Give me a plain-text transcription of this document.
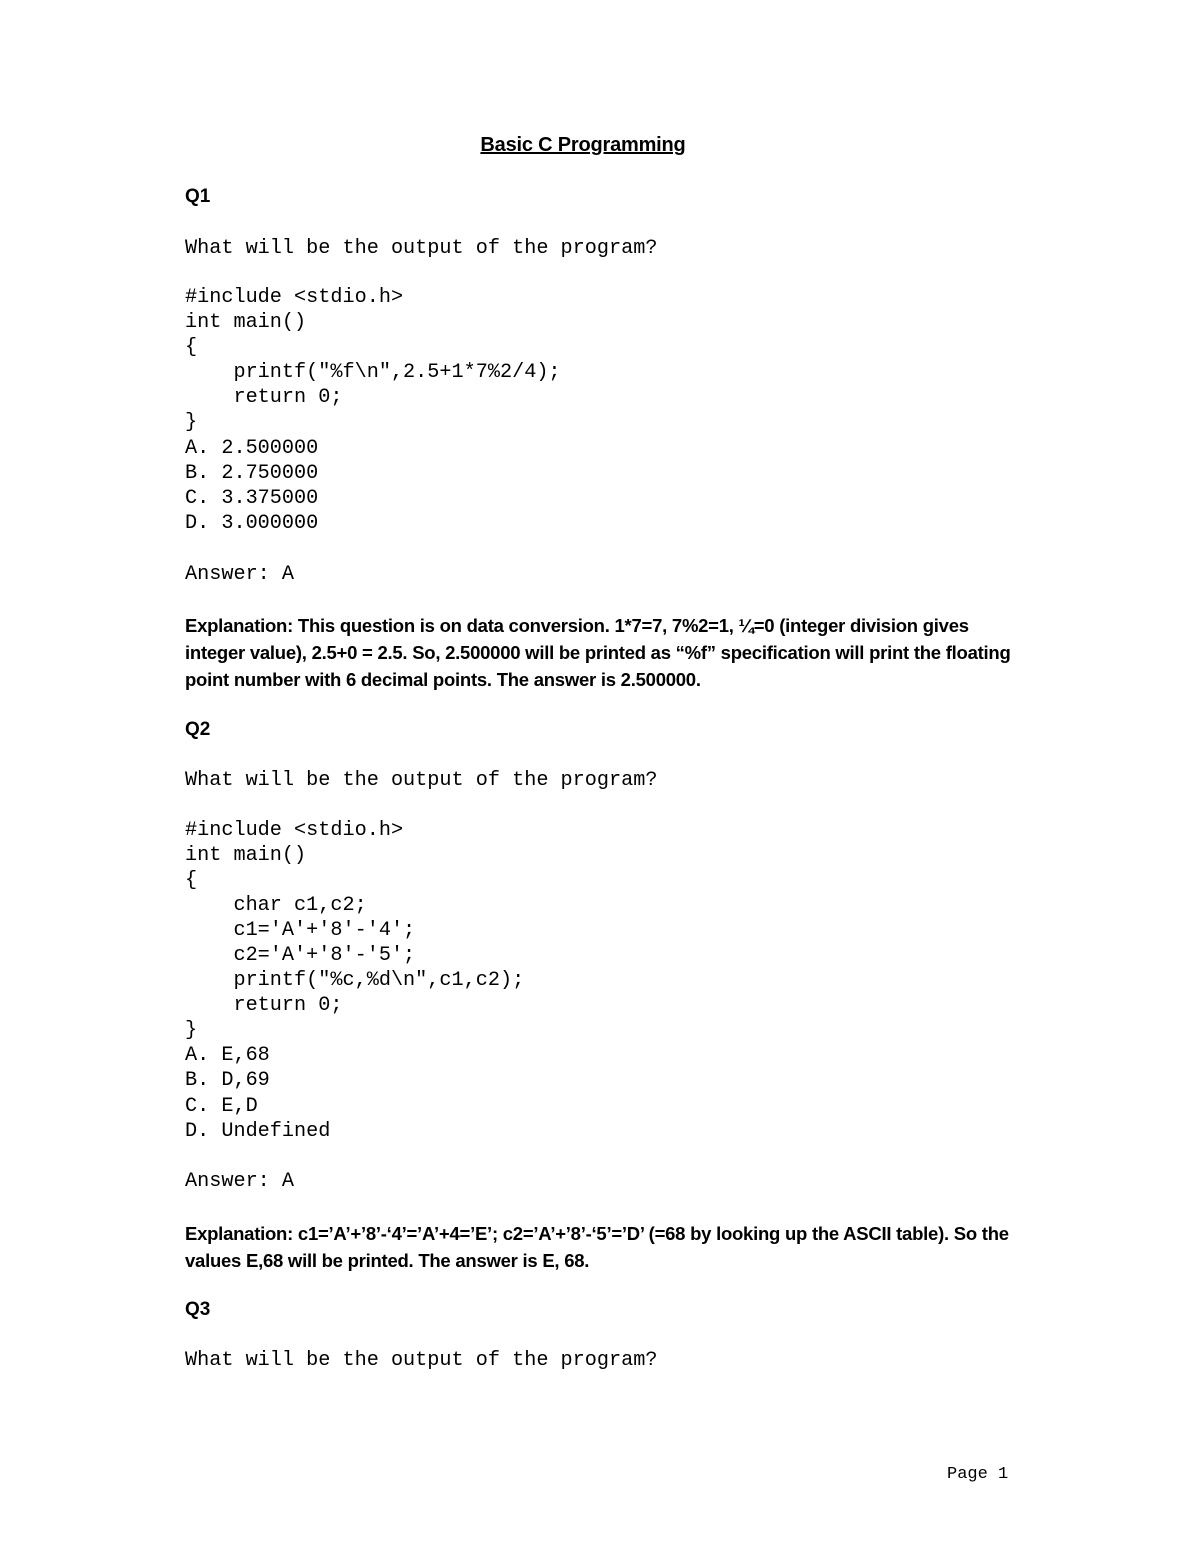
Basic C Programming
Q1
What will be the output of the program?
#include <stdio.h>
int main()
{
printf("%f\n",2.5+1*7%2/4);
return 0;
}
A. 2.500000
B. 2.750000
C. 3.375000
D. 3.000000
Answer: A
Explanation: This question is on data conversion. 1*7=7, 7%2=1, ¼=0 (integer division gives integer value), 2.5+0 = 2.5. So, 2.500000 will be printed as “%f” specification will print the floating point number with 6 decimal points. The answer is 2.500000.
Q2
What will be the output of the program?
#include <stdio.h>
int main()
{
char c1,c2;
c1='A'+'8'-'4';
c2='A'+'8'-'5';
printf("%c,%d\n",c1,c2);
return 0;
}
A. E,68
B. D,69
C. E,D
D. Undefined
Answer: A
Explanation: c1=’A’+’8’-‘4’=’A’+4=’E’; c2=’A’+’8’-‘5’=’D’ (=68 by looking up the ASCII table). So the values E,68 will be printed. The answer is E, 68.
Q3
What will be the output of the program?
Page 1
